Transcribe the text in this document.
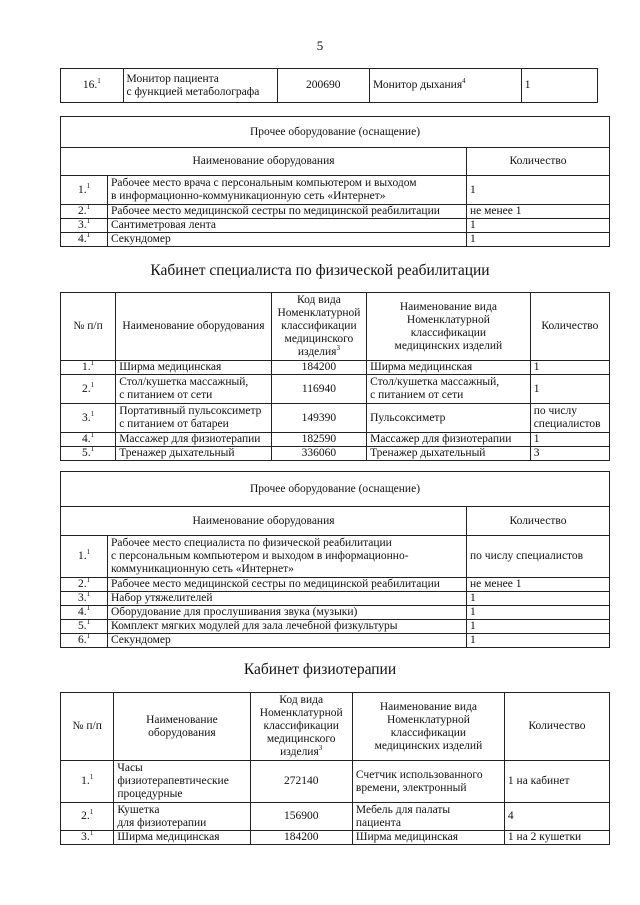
5
16.$^1$	Монитор пациента
с функцией метаболографа	200690	Монитор дыхания$^4$	1
Прочее оборудование (оснащение)		
Наименование оборудования		Количество
1.$^1$	Рабочее место врача с персональным компьютером и выходом
в информационно-коммуникационную сеть «Интернет»	1
2.$^1$	Рабочее место медицинской сестры по медицинской реабилитации	не менее 1
3.$^1$	Сантиметровая лента	1
4.$^1$	Секундомер	1
Кабинет специалиста по физической реабилитации
№ п/п	Наименование оборудования	Код вида
Номенклатурной
классификации
медицинского
изделия$^3$	Наименование вида
Номенклатурной
классификации
медицинских изделий	Количество
1.$^1$	Ширма медицинская	184200	Ширма медицинская	1
2.$^1$	Стол/кушетка массажный,
с питанием от сети	116940	Стол/кушетка массажный,
с питанием от сети	1
3.$^1$	Портативный пульсоксиметр
с питанием от батареи	149390	Пульсоксиметр	по числу
специалистов
4.$^1$	Массажер для физиотерапии	182590	Массажер для физиотерапии	1
5.$^1$	Тренажер дыхательный	336060	Тренажер дыхательный	3
Прочее оборудование (оснащение)		
Наименование оборудования		Количество
1.$^1$	Рабочее место специалиста по физической реабилитации
с персональным компьютером и выходом в информационно-
коммуникационную сеть «Интернет»	по числу специалистов
2.$^1$	Рабочее место медицинской сестры по медицинской реабилитации	не менее 1
3.$^1$	Набор утяжелителей	1
4.$^1$	Оборудование для прослушивания звука (музыки)	1
5.$^1$	Комплект мягких модулей для зала лечебной физкультуры	1
6.$^1$	Секундомер	1
Кабинет физиотерапии
№ п/п	Наименование
оборудования	Код вида
Номенклатурной
классификации
медицинского
изделия$^3$	Наименование вида
Номенклатурной
классификации
медицинских изделий	Количество
1.$^1$	Часы
физиотерапевтические
процедурные	272140	Счетчик использованного
времени, электронный	1 на кабинет
2.$^1$	Кушетка
для физиотерапии	156900	Мебель для палаты
пациента	4
3.$^1$	Ширма медицинская	184200	Ширма медицинская	1 на 2 кушетки
